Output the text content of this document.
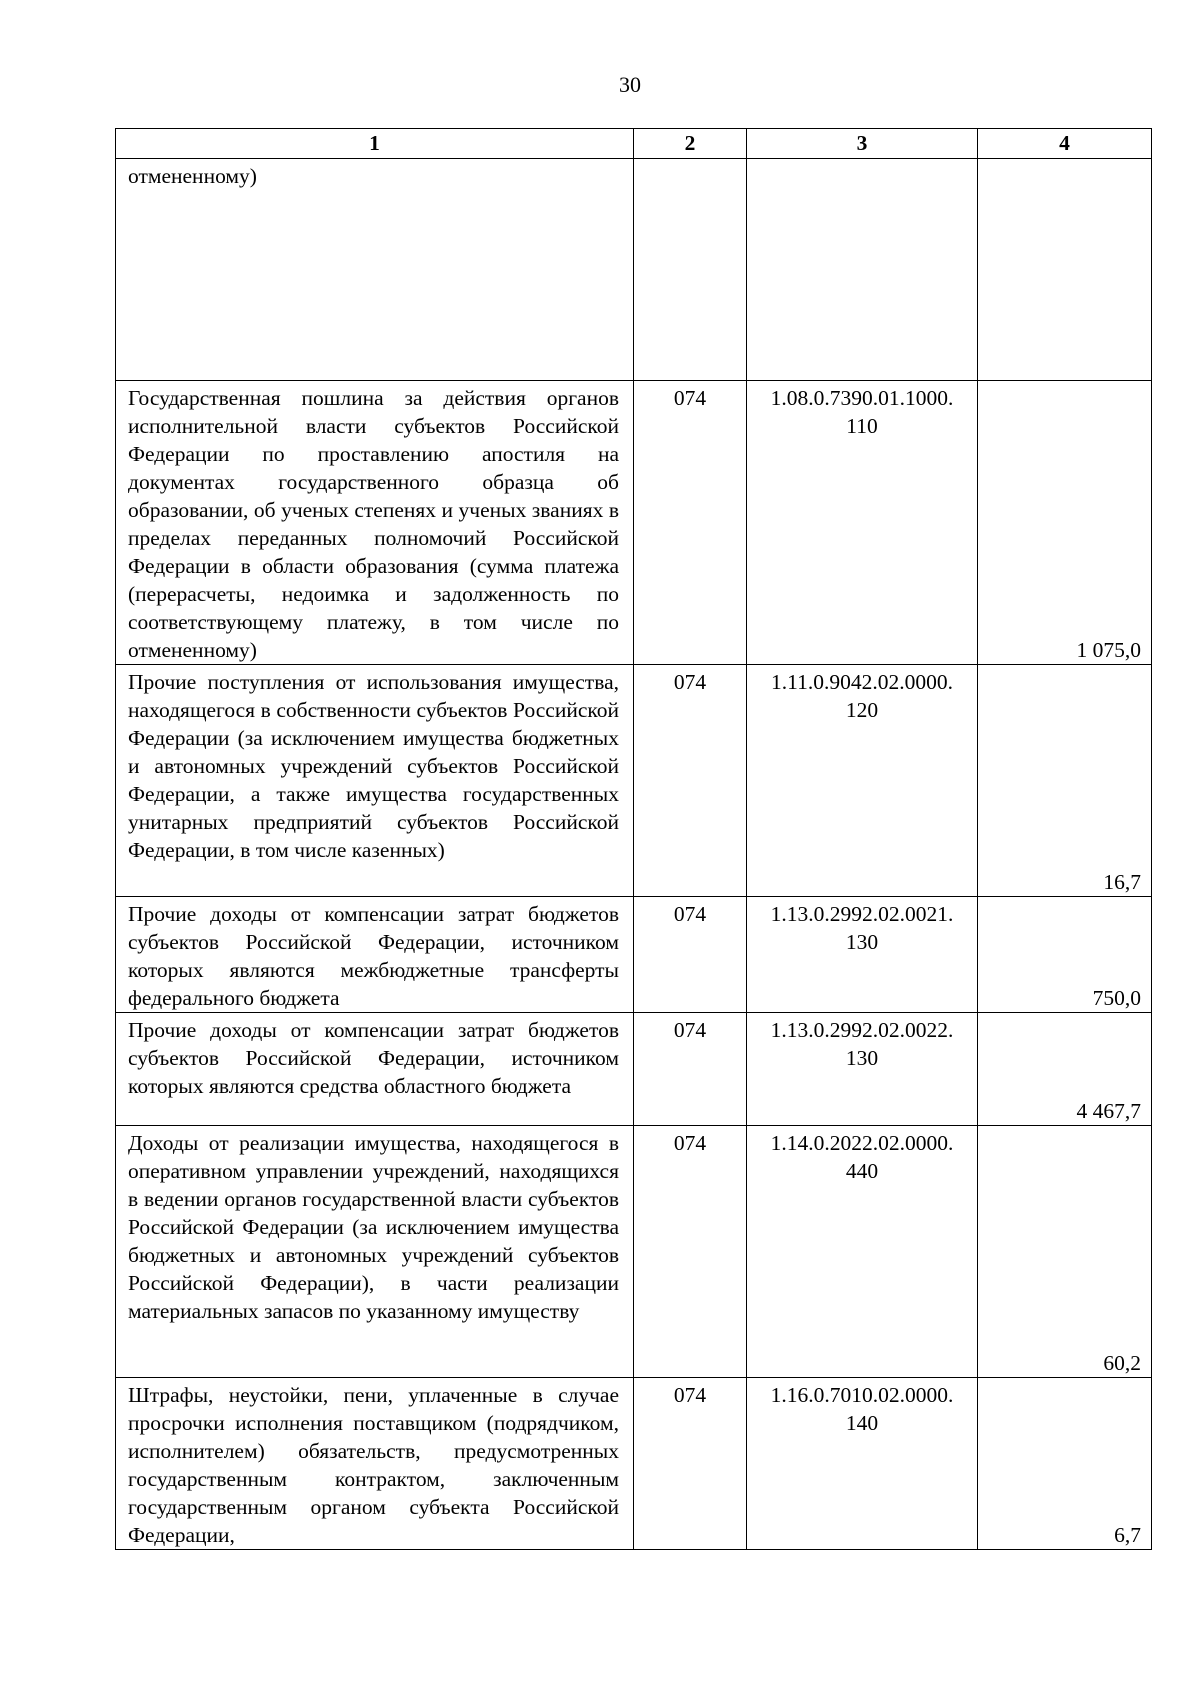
30
1	2	3	4
отмененному)		

Государственная пошлина за действия органов исполнительной власти субъектов Российской Федерации по проставлению апостиля на документах государственного образца об образовании, об ученых степенях и ученых званиях в пределах переданных полномочий Российской Федерации в области образования (сумма платежа (перерасчеты, недоимка и задолженность по соответствующему платежу, в том числе по отмененному)	074	1.08.0.7390.01.1000.
110	1 075,0

Прочие поступления от использования имущества, находящегося в собственности субъектов Российской Федерации (за исключением имущества бюджетных и автономных учреждений субъектов Российской Федерации, а также имущества государственных унитарных предприятий субъектов Российской Федерации, в том числе казенных)	074	1.11.0.9042.02.0000.
120	16,7

Прочие доходы от компенсации затрат бюджетов субъектов Российской Федерации, источником которых являются межбюджетные трансферты федерального бюджета	074	1.13.0.2992.02.0021.
130	750,0

Прочие доходы от компенсации затрат бюджетов субъектов Российской Федерации, источником которых являются средства областного бюджета	074	1.13.0.2992.02.0022.
130	4 467,7

Доходы от реализации имущества, находящегося в оперативном управлении учреждений, находящихся в ведении органов государственной власти субъектов Российской Федерации (за исключением имущества бюджетных и автономных учреждений субъектов Российской Федерации), в части реализации материальных запасов по указанному имуществу	074	1.14.0.2022.02.0000.
440	60,2

Штрафы, неустойки, пени, уплаченные в случае просрочки исполнения поставщиком (подрядчиком, исполнителем) обязательств, предусмотренных государственным контрактом, заключенным государственным органом субъекта Российской Федерации,	074	1.16.0.7010.02.0000.
140	6,7
